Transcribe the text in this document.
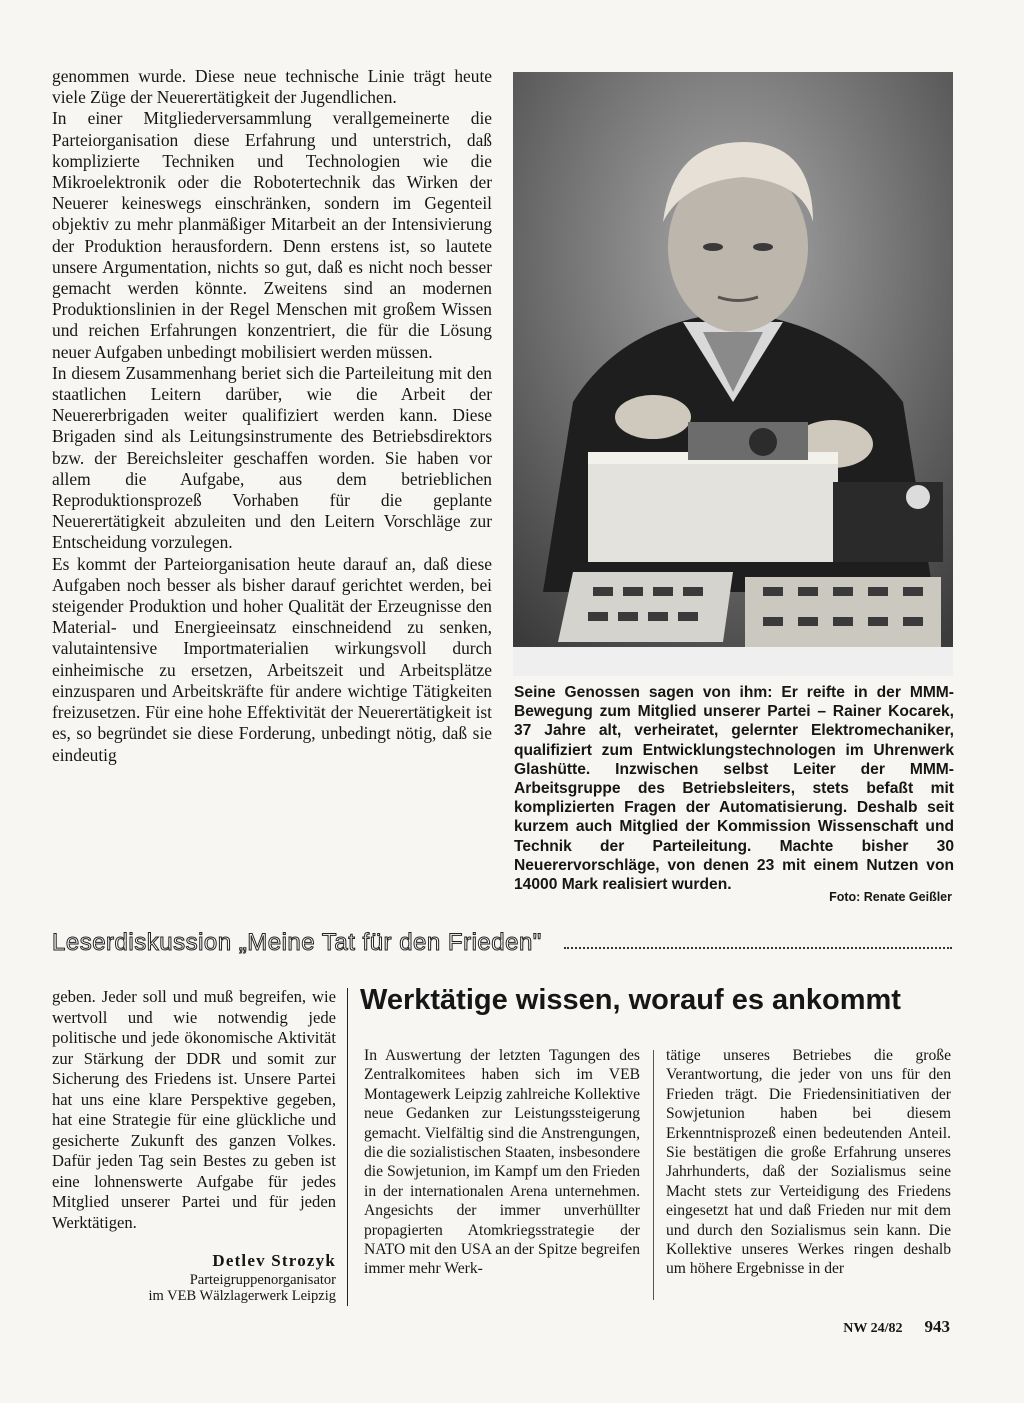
genommen wurde. Diese neue technische Linie trägt heute viele Züge der Neuerertätigkeit der Jugendlichen.

In einer Mitgliederversammlung verallgemeinerte die Parteiorganisation diese Erfahrung und unterstrich, daß komplizierte Techniken und Technologien wie die Mikroelektronik oder die Robotertechnik das Wirken der Neuerer keineswegs einschränken, sondern im Gegenteil objektiv zu mehr planmäßiger Mitarbeit an der Intensivierung der Produktion herausfordern. Denn erstens ist, so lautete unsere Argumentation, nichts so gut, daß es nicht noch besser gemacht werden könnte. Zweitens sind an modernen Produktionslinien in der Regel Menschen mit großem Wissen und reichen Erfahrungen konzentriert, die für die Lösung neuer Aufgaben unbedingt mobilisiert werden müssen.

In diesem Zusammenhang beriet sich die Parteileitung mit den staatlichen Leitern darüber, wie die Arbeit der Neuererbrigaden weiter qualifiziert werden kann. Diese Brigaden sind als Leitungsinstrumente des Betriebsdirektors bzw. der Bereichsleiter geschaffen worden. Sie haben vor allem die Aufgabe, aus dem betrieblichen Reproduktionsprozeß Vorhaben für die geplante Neuerertätigkeit abzuleiten und den Leitern Vorschläge zur Entscheidung vorzulegen.

Es kommt der Parteiorganisation heute darauf an, daß diese Aufgaben noch besser als bisher darauf gerichtet werden, bei steigender Produktion und hoher Qualität der Erzeugnisse den Material- und Energieeinsatz einschneidend zu senken, valutaintensive Importmaterialien wirkungsvoll durch einheimische zu ersetzen, Arbeitszeit und Arbeitsplätze einzusparen und Arbeitskräfte für andere wichtige Tätigkeiten freizusetzen. Für eine hohe Effektivität der Neuerertätigkeit ist es, so begründet sie diese Forderung, unbedingt nötig, daß sie eindeutig

Seine Genossen sagen von ihm: Er reifte in der MMM-Bewegung zum Mitglied unserer Partei – Rainer Kocarek, 37 Jahre alt, verheiratet, gelernter Elektromechaniker, qualifiziert zum Entwicklungstechnologen im Uhrenwerk Glashütte. Inzwischen selbst Leiter der MMM-Arbeitsgruppe des Betriebsleiters, stets befaßt mit komplizierten Fragen der Automatisierung. Deshalb seit kurzem auch Mitglied der Kommission Wissenschaft und Technik der Parteileitung. Machte bisher 30 Neuerervorschläge, von denen 23 mit einem Nutzen von 14000 Mark realisiert wurden.
Foto: Renate Geißler
Leserdiskussion „Meine Tat für den Frieden"

geben. Jeder soll und muß begreifen, wie wertvoll und wie notwendig jede politische und jede ökonomische Aktivität zur Stärkung der DDR und somit zur Sicherung des Friedens ist. Unsere Partei hat uns eine klare Perspektive gegeben, hat eine Strategie für eine glückliche und gesicherte Zukunft des ganzen Volkes. Dafür jeden Tag sein Bestes zu geben ist eine lohnenswerte Aufgabe für jedes Mitglied unserer Partei und für jeden Werktätigen.

Detlev Strozyk
Parteigruppenorganisator
im VEB Wälzlagerwerk Leipzig
Werktätige wissen, worauf es ankommt

In Auswertung der letzten Tagungen des Zentralkomitees haben sich im VEB Montagewerk Leipzig zahlreiche Kollektive neue Gedanken zur Leistungssteigerung gemacht. Vielfältig sind die Anstrengungen, die die sozialistischen Staaten, insbesondere die Sowjetunion, im Kampf um den Frieden in der internationalen Arena unternehmen. Angesichts der immer unverhüllter propagierten Atomkriegsstrategie der NATO mit den USA an der Spitze begreifen immer mehr Werk-

tätige unseres Betriebes die große Verantwortung, die jeder von uns für den Frieden trägt. Die Friedensinitiativen der Sowjetunion haben bei diesem Erkenntnisprozeß einen bedeutenden Anteil. Sie bestätigen die große Erfahrung unseres Jahrhunderts, daß der Sozialismus seine Macht stets zur Verteidigung des Friedens eingesetzt hat und daß Frieden nur mit dem und durch den Sozialismus sein kann. Die Kollektive unseres Werkes ringen deshalb um höhere Ergebnisse in der

NW 24/82 943
